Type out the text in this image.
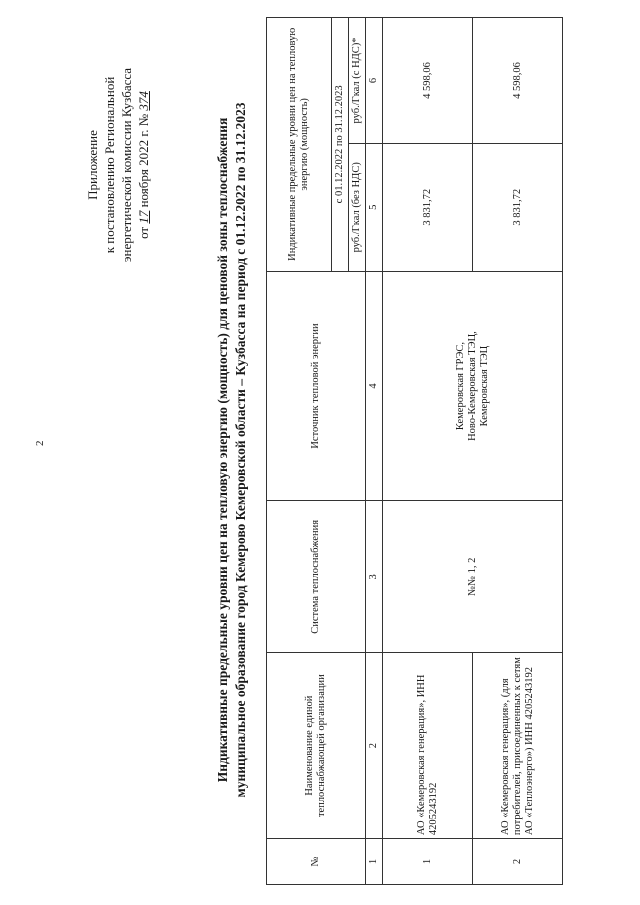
2
Приложение к постановлению Региональной энергетической комиссии Кузбасса от 17 ноября 2022 г. № 374
Индикативные предельные уровни цен на тепловую энергию (мощность) для ценовой зоны теплоснабжения муниципальное образование город Кемерово Кемеровской области – Кузбасса на период с 01.12.2022 по 31.12.2023
№	Наименование единой теплоснабжающей организации	Система теплоснабжения	Источник тепловой энергии	Индикативные предельные уровни цен на тепловую энергию (мощность)	
				с 01.12.2022 по 31.12.2023	
				руб./Гкал (без НДС)	руб./Гкал (с НДС)*
1	2	3	4	5	6
1	АО «Кемеровская генерация», ИНН 4205243192	№№ 1, 2	Кемеровская ГРЭС, Ново-Кемеровская ТЭЦ, Кемеровская ТЭЦ	3 831,72	4 598,06
2	АО «Кемеровская генерация», (для потребителей, присоединенных к сетям АО «Теплоэнерго») ИНН 4205243192			3 831,72	4 598,06
